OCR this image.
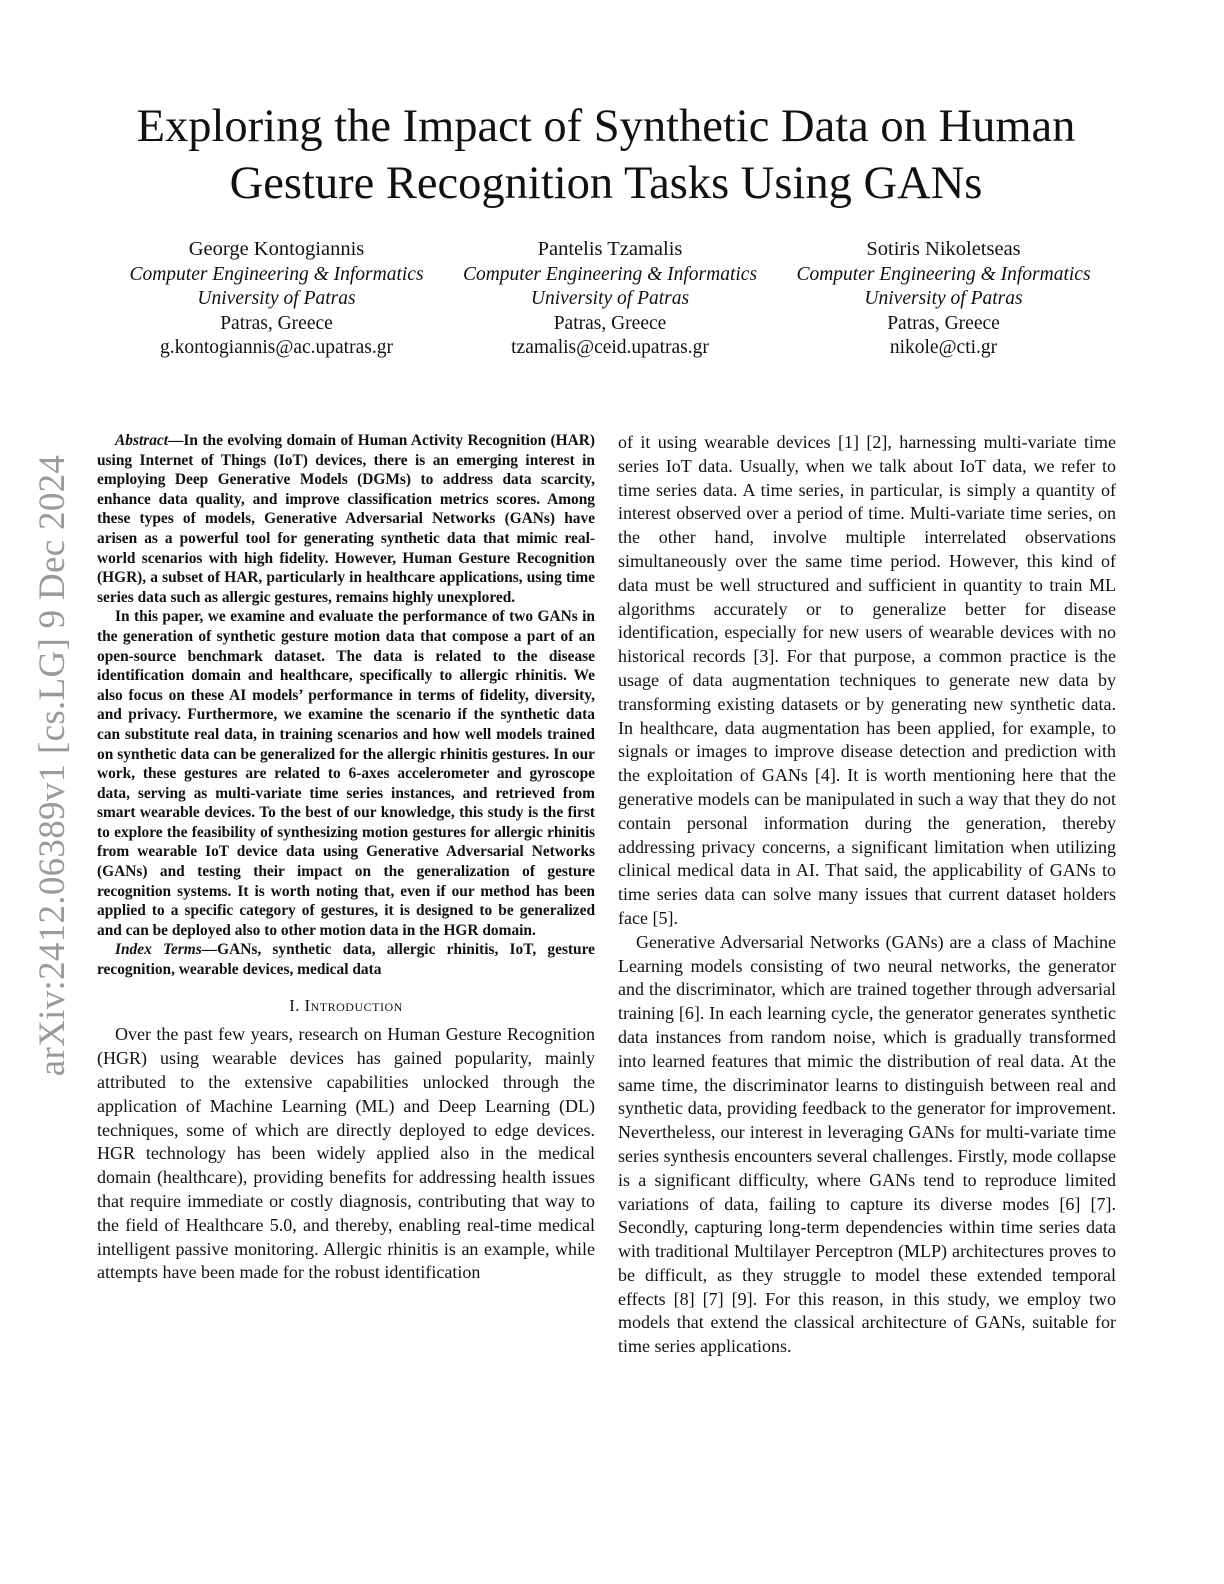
arXiv:2412.06389v1 [cs.LG] 9 Dec 2024
Exploring the Impact of Synthetic Data on Human Gesture Recognition Tasks Using GANs
George Kontogiannis
Computer Engineering & Informatics
University of Patras
Patras, Greece
g.kontogiannis@ac.upatras.gr
Pantelis Tzamalis
Computer Engineering & Informatics
University of Patras
Patras, Greece
tzamalis@ceid.upatras.gr
Sotiris Nikoletseas
Computer Engineering & Informatics
University of Patras
Patras, Greece
nikole@cti.gr

Abstract—In the evolving domain of Human Activity Recognition (HAR) using Internet of Things (IoT) devices, there is an emerging interest in employing Deep Generative Models (DGMs) to address data scarcity, enhance data quality, and improve classification metrics scores. Among these types of models, Generative Adversarial Networks (GANs) have arisen as a powerful tool for generating synthetic data that mimic real-world scenarios with high fidelity. However, Human Gesture Recognition (HGR), a subset of HAR, particularly in healthcare applications, using time series data such as allergic gestures, remains highly unexplored.

In this paper, we examine and evaluate the performance of two GANs in the generation of synthetic gesture motion data that compose a part of an open-source benchmark dataset. The data is related to the disease identification domain and healthcare, specifically to allergic rhinitis. We also focus on these AI models’ performance in terms of fidelity, diversity, and privacy. Furthermore, we examine the scenario if the synthetic data can substitute real data, in training scenarios and how well models trained on synthetic data can be generalized for the allergic rhinitis gestures. In our work, these gestures are related to 6-axes accelerometer and gyroscope data, serving as multi-variate time series instances, and retrieved from smart wearable devices. To the best of our knowledge, this study is the first to explore the feasibility of synthesizing motion gestures for allergic rhinitis from wearable IoT device data using Generative Adversarial Networks (GANs) and testing their impact on the generalization of gesture recognition systems. It is worth noting that, even if our method has been applied to a specific category of gestures, it is designed to be generalized and can be deployed also to other motion data in the HGR domain.

Index Terms—GANs, synthetic data, allergic rhinitis, IoT, gesture recognition, wearable devices, medical data

I. Introduction

Over the past few years, research on Human Gesture Recognition (HGR) using wearable devices has gained popularity, mainly attributed to the extensive capabilities unlocked through the application of Machine Learning (ML) and Deep Learning (DL) techniques, some of which are directly deployed to edge devices. HGR technology has been widely applied also in the medical domain (healthcare), providing benefits for addressing health issues that require immediate or costly diagnosis, contributing that way to the field of Healthcare 5.0, and thereby, enabling real-time medical intelligent passive monitoring. Allergic rhinitis is an example, while attempts have been made for the robust identification

of it using wearable devices [1] [2], harnessing multi-variate time series IoT data. Usually, when we talk about IoT data, we refer to time series data. A time series, in particular, is simply a quantity of interest observed over a period of time. Multi-variate time series, on the other hand, involve multiple interrelated observations simultaneously over the same time period. However, this kind of data must be well structured and sufficient in quantity to train ML algorithms accurately or to generalize better for disease identification, especially for new users of wearable devices with no historical records [3]. For that purpose, a common practice is the usage of data augmentation techniques to generate new data by transforming existing datasets or by generating new synthetic data. In healthcare, data augmentation has been applied, for example, to signals or images to improve disease detection and prediction with the exploitation of GANs [4]. It is worth mentioning here that the generative models can be manipulated in such a way that they do not contain personal information during the generation, thereby addressing privacy concerns, a significant limitation when utilizing clinical medical data in AI. That said, the applicability of GANs to time series data can solve many issues that current dataset holders face [5].

Generative Adversarial Networks (GANs) are a class of Machine Learning models consisting of two neural networks, the generator and the discriminator, which are trained together through adversarial training [6]. In each learning cycle, the generator generates synthetic data instances from random noise, which is gradually transformed into learned features that mimic the distribution of real data. At the same time, the discriminator learns to distinguish between real and synthetic data, providing feedback to the generator for improvement. Nevertheless, our interest in leveraging GANs for multi-variate time series synthesis encounters several challenges. Firstly, mode collapse is a significant difficulty, where GANs tend to reproduce limited variations of data, failing to capture its diverse modes [6] [7]. Secondly, capturing long-term dependencies within time series data with traditional Multilayer Perceptron (MLP) architectures proves to be difficult, as they struggle to model these extended temporal effects [8] [7] [9]. For this reason, in this study, we employ two models that extend the classical architecture of GANs, suitable for time series applications.
